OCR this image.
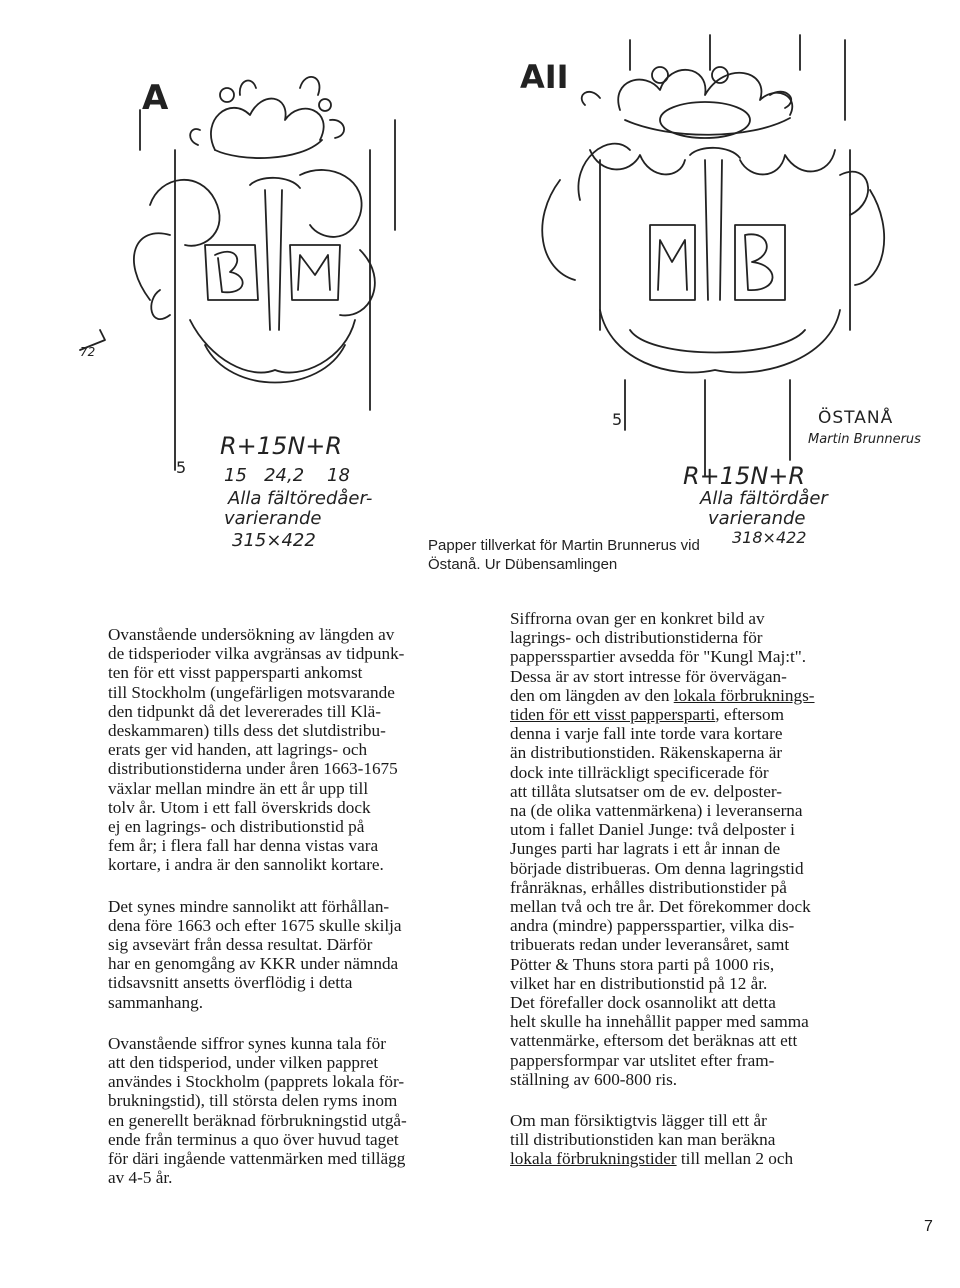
A
72
5
R+15N+R
15   24,2    18
Alla fältöredåer-
varierande
315×422
AII
5
R+15N+R
Alla fältördåer
varierande
318×422
ÖSTANÅ
Martin Brunnerus
Papper tillverkat för Martin Brunnerus vid
Östanå. Ur Dübensamlingen

Ovanstående undersökning av längden av
de tidsperioder vilka avgränsas av tidpunk-
ten för ett visst pappersparti ankomst
till Stockholm (ungefärligen motsvarande
den tidpunkt då det levererades till Klä-
deskammaren) tills dess det slutdistribu-
erats ger vid handen, att lagrings- och
distributionstiderna under åren 1663-1675
växlar mellan mindre än ett år upp till
tolv år. Utom i ett fall överskrids dock
ej en lagrings- och distributionstid på
fem år; i flera fall har denna vistas vara
kortare, i andra är den sannolikt kortare.

Det synes mindre sannolikt att förhållan-
dena före 1663 och efter 1675 skulle skilja
sig avsevärt från dessa resultat. Därför
har en genomgång av KKR under nämnda
tidsavsnitt ansetts överflödig i detta
sammanhang.

Ovanstående siffror synes kunna tala för
att den tidsperiod, under vilken pappret
användes i Stockholm (papprets lokala för-
brukningstid), till största delen ryms inom
en generellt beräknad förbrukningstid utgå-
ende från terminus a quo över huvud taget
för däri ingående vattenmärken med tillägg
av 4-5 år.

Siffrorna ovan ger en konkret bild av
lagrings- och distributionstiderna för
pappersspartier avsedda för "Kungl Maj:t".
Dessa är av stort intresse för övervägan-
den om längden av den lokala förbruknings-
tiden för ett visst pappersparti, eftersom
denna i varje fall inte torde vara kortare
än distributionstiden. Räkenskaperna är
dock inte tillräckligt specificerade för
att tillåta slutsatser om de ev. delposter-
na (de olika vattenmärkena) i leveranserna
utom i fallet Daniel Junge: två delposter i
Junges parti har lagrats i ett år innan de
började distribueras. Om denna lagringstid
frånräknas, erhålles distributionstider på
mellan två och tre år. Det förekommer dock
andra (mindre) pappersspartier, vilka dis-
tribuerats redan under leveransåret, samt
Pötter & Thuns stora parti på 1000 ris,
vilket har en distributionstid på 12 år.
Det förefaller dock osannolikt att detta
helt skulle ha innehållit papper med samma
vattenmärke, eftersom det beräknas att ett
pappersformpar var utslitet efter fram-
ställning av 600-800 ris.

Om man försiktigtvis lägger till ett år
till distributionstiden kan man beräkna
lokala förbrukningstider till mellan 2 och

7
